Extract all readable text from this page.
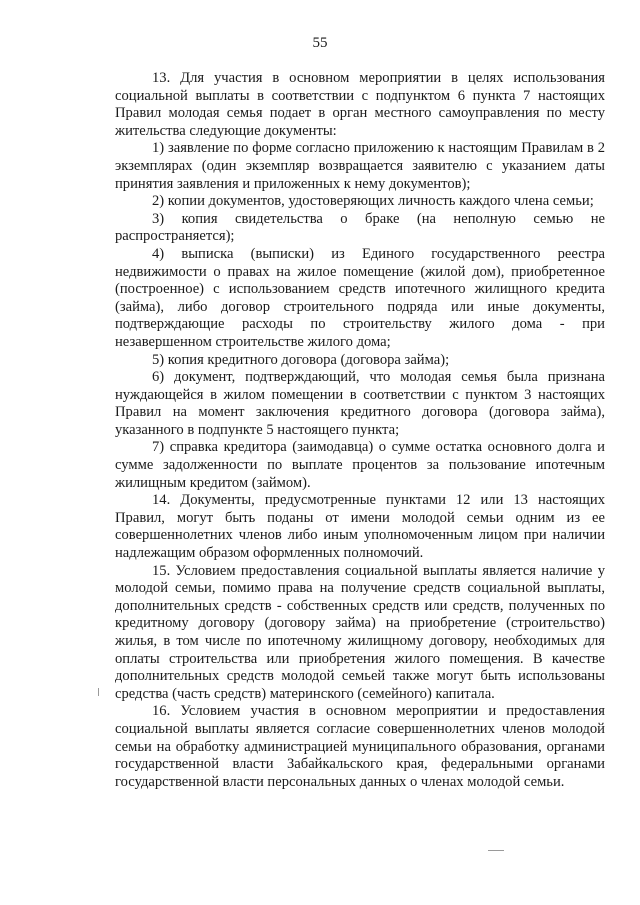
55

13. Для участия в основном мероприятии в целях использования социальной выплаты в соответствии с подпунктом 6 пункта 7 настоящих Правил молодая семья подает в орган местного самоуправления по месту жительства следующие документы:

1) заявление по форме согласно приложению к настоящим Правилам в 2 экземплярах (один экземпляр возвращается заявителю с указанием даты принятия заявления и приложенных к нему документов);

2) копии документов, удостоверяющих личность каждого члена семьи;

3) копия свидетельства о браке (на неполную семью не распространяется);

4) выписка (выписки) из Единого государственного реестра недвижимости о правах на жилое помещение (жилой дом), приобретенное (построенное) с использованием средств ипотечного жилищного кредита (займа), либо договор строительного подряда или иные документы, подтверждающие расходы по строительству жилого дома - при незавершенном строительстве жилого дома;

5) копия кредитного договора (договора займа);

6) документ, подтверждающий, что молодая семья была признана нуждающейся в жилом помещении в соответствии с пунктом 3 настоящих Правил на момент заключения кредитного договора (договора займа), указанного в подпункте 5 настоящего пункта;

7) справка кредитора (заимодавца) о сумме остатка основного долга и сумме задолженности по выплате процентов за пользование ипотечным жилищным кредитом (займом).

14. Документы, предусмотренные пунктами 12 или 13 настоящих Правил, могут быть поданы от имени молодой семьи одним из ее совершеннолетних членов либо иным уполномоченным лицом при наличии надлежащим образом оформленных полномочий.

15. Условием предоставления социальной выплаты является наличие у молодой семьи, помимо права на получение средств социальной выплаты, дополнительных средств - собственных средств или средств, полученных по кредитному договору (договору займа) на приобретение (строительство) жилья, в том числе по ипотечному жилищному договору, необходимых для оплаты строительства или приобретения жилого помещения. В качестве дополнительных средств молодой семьей также могут быть использованы средства (часть средств) материнского (семейного) капитала.

16. Условием участия в основном мероприятии и предоставления социальной выплаты является согласие совершеннолетних членов молодой семьи на обработку администрацией муниципального образования, органами государственной власти Забайкальского края, федеральными органами государственной власти персональных данных о членах молодой семьи.
